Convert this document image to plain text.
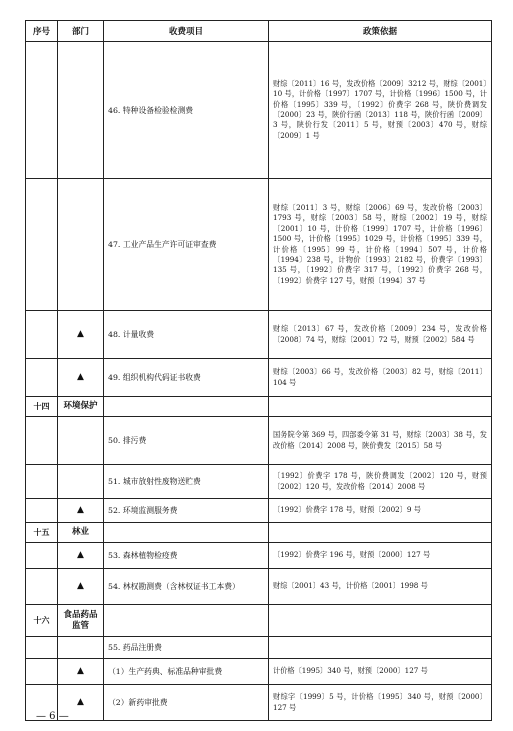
序号	部门	收费项目	政策依据
		46. 特种设备检验检测费	财综〔2011〕16 号，发改价格〔2009〕3212 号，财综〔2001〕10 号，计价格〔1997〕1707 号，计价格〔1996〕1500 号，计价格〔1995〕339 号，〔1992〕价费字 268 号，陕价费调发〔2000〕23 号，陕价行函〔2013〕118 号，陕价行函〔2009〕3 号，陕价行发〔2011〕5 号，财预〔2003〕470 号，财综〔2009〕1 号
		47. 工业产品生产许可证审查费	财综〔2011〕3 号，财综〔2006〕69 号，发改价格〔2003〕1793 号，财综〔2003〕58 号，财综〔2002〕19 号，财综〔2001〕10 号，计价格〔1999〕1707 号，计价格〔1996〕1500 号，计价格〔1995〕1029 号，计价格〔1995〕339 号，计价格〔1995〕99 号，计价格〔1994〕507 号，计价格〔1994〕238 号，计物价〔1993〕2182 号，价费字〔1993〕135 号，〔1992〕价费字 317 号，〔1992〕价费字 268 号，〔1992〕价费字 127 号，财预〔1994〕37 号
	▲	48. 计量收费	财综〔2013〕67 号，发改价格〔2009〕234 号，发改价格〔2008〕74 号，财综〔2001〕72 号，财预〔2002〕584 号
	▲	49. 组织机构代码证书收费	财综〔2003〕66 号，发改价格〔2003〕82 号，财综〔2011〕104 号
十四	环境保护		
		50. 排污费	国务院令第 369 号，四部委令第 31 号，财综〔2003〕38 号，发改价格〔2014〕2008 号，陕价费发〔2015〕58 号
		51. 城市放射性废物送贮费	〔1992〕价费字 178 号，陕价费调发〔2002〕120 号，财预〔2002〕120 号，发改价格〔2014〕2008 号
	▲	52. 环境监测服务费	〔1992〕价费字 178 号，财预〔2002〕9 号
十五	林业		
	▲	53. 森林植物检疫费	〔1992〕价费字 196 号，财预〔2000〕127 号
	▲	54. 林权勘测费（含林权证书工本费）	财综〔2001〕43 号，计价格〔2001〕1998 号
十六	食品药品监管		
		55. 药品注册费	
	▲	（1）生产药典、标准品种审批费	计价格〔1995〕340 号，财预〔2000〕127 号
	▲	（2）新药审批费	财综字〔1999〕5 号，计价格〔1995〕340 号，财预〔2000〕127 号
— 6 —
